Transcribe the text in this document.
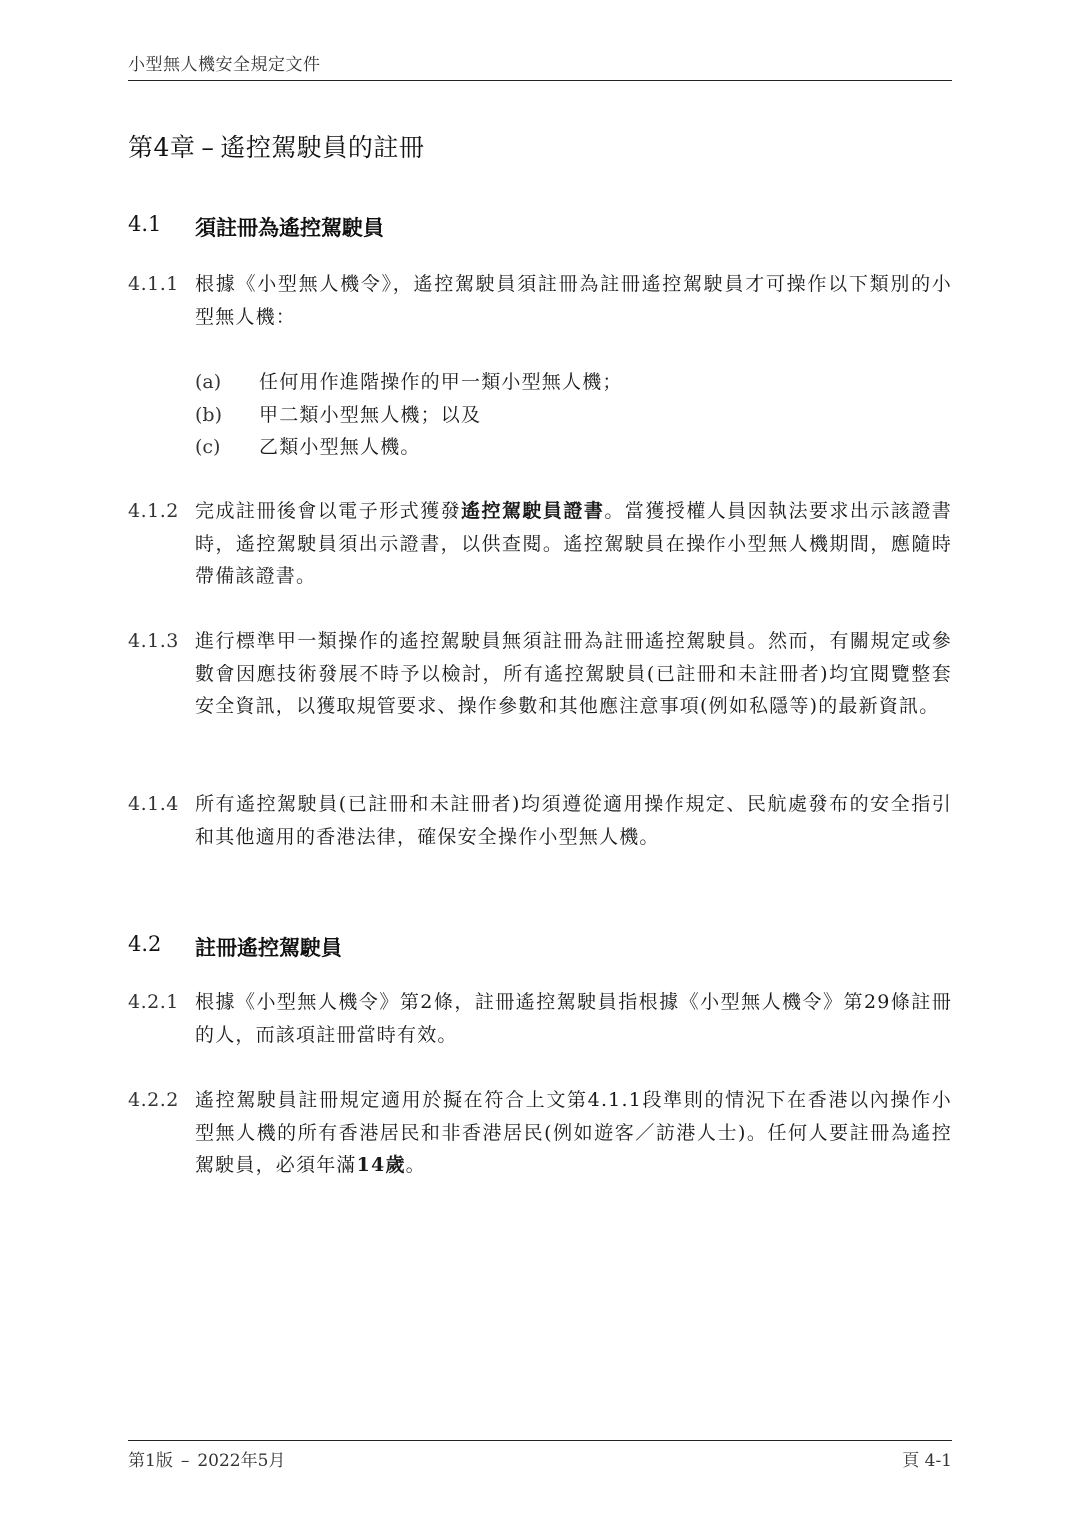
小型無人機安全規定文件
第4章 – 遙控駕駛員的註冊
4.1	須註冊為遙控駕駛員
4.1.1 根據《小型無人機令》，遙控駕駛員須註冊為註冊遙控駕駛員才可操作以下類別的小型無人機：
(a)	任何用作進階操作的甲一類小型無人機；
(b)	甲二類小型無人機；以及
(c)	乙類小型無人機。
4.1.2 完成註冊後會以電子形式獲發遙控駕駛員證書。當獲授權人員因執法要求出示該證書時，遙控駕駛員須出示證書，以供查閱。遙控駕駛員在操作小型無人機期間，應隨時帶備該證書。
4.1.3 進行標準甲一類操作的遙控駕駛員無須註冊為註冊遙控駕駛員。然而，有關規定或參數會因應技術發展不時予以檢討，所有遙控駕駛員(已註冊和未註冊者)均宜閱覽整套安全資訊，以獲取規管要求、操作參數和其他應注意事項(例如私隱等)的最新資訊。
4.1.4 所有遙控駕駛員(已註冊和未註冊者)均須遵從適用操作規定、民航處發布的安全指引和其他適用的香港法律，確保安全操作小型無人機。
4.2	註冊遙控駕駛員
4.2.1 根據《小型無人機令》第2條，註冊遙控駕駛員指根據《小型無人機令》第29條註冊的人，而該項註冊當時有效。
4.2.2 遙控駕駛員註冊規定適用於擬在符合上文第4.1.1段準則的情況下在香港以內操作小型無人機的所有香港居民和非香港居民(例如遊客／訪港人士)。任何人要註冊為遙控駕駛員，必須年滿14歲。
第1版 – 2022年5月	頁 4-1
